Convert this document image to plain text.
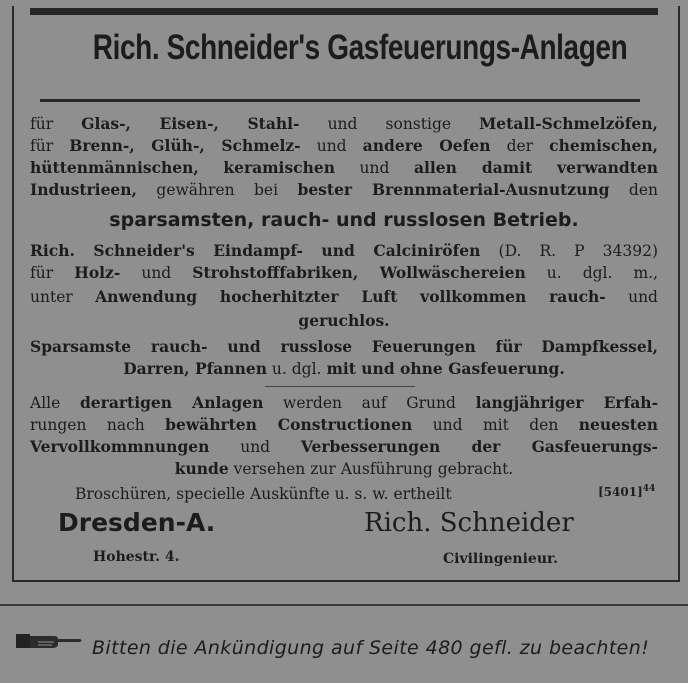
Rich. Schneider's Gasfeuerungs-Anlagen
für Glas-, Eisen-, Stahl- und sonstige Metall-Schmelzöfen,
für Brenn-, Glüh-, Schmelz- und andere Oefen der chemischen,
hüttenmännischen, keramischen und allen damit verwandten
Industrieen, gewähren bei bester Brennmaterial-Ausnutzung den
sparsamsten, rauch- und russlosen Betrieb.
Rich. Schneider's Eindampf- und Calciniröfen (D. R. P 34392)
für Holz- und Strohstofffabriken, Wollwäschereien u. dgl. m.,
unter Anwendung hocherhitzter Luft vollkommen rauch- und
geruchlos.
Sparsamste rauch- und russlose Feuerungen für Dampfkessel,
Darren, Pfannen u. dgl. mit und ohne Gasfeuerung.
Alle derartigen Anlagen werden auf Grund langjähriger Erfah-
rungen nach bewährten Constructionen und mit den neuesten
Vervollkommnungen und Verbesserungen der Gasfeuerungs-
kunde versehen zur Ausführung gebracht.
Broschüren, specielle Auskünfte u. s. w. ertheilt	$[5401]^{44}$
Dresden-A.
Hohestr. 4.
Rich. Schneider
Civilingenieur.
Bitten die Ankündigung auf Seite 480 gefl. zu beachten!
